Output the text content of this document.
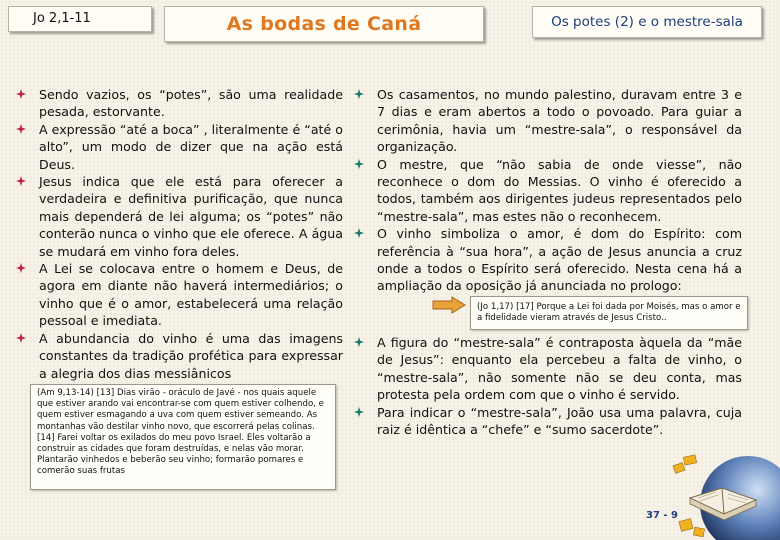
Jo 2,1-11	As bodas de Caná	Os potes (2) e o mestre-sala
Sendo vazios, os “potes”, são uma realidade pesada, estorvante.
A expressão “até a boca” , literalmente é “até o alto”, um modo de dizer que na ação está Deus.
Jesus indica que ele está para oferecer a verdadeira e definitiva purificação, que nunca mais dependerá de lei alguma; os “potes” não conterão nunca o vinho que ele oferece. A água se mudará em vinho fora deles.
A Lei se colocava entre o homem e Deus, de agora em diante não haverá intermediários; o vinho que é o amor, estabelecerá uma relação pessoal e imediata.
A abundancia do vinho é uma das imagens constantes da tradição profética para expressar a alegria dos dias messiânicos
(Am 9,13-14) [13] Dias virão - oráculo de Javé - nos quais aquele que estiver arando vai encontrar-se com quem estiver colhendo, e quem estiver esmagando a uva com quem estiver semeando. As montanhas vão destilar vinho novo, que escorrerá pelas colinas. [14] Farei voltar os exilados do meu povo Israel. Eles voltarão a construir as cidades que foram destruídas, e nelas vão morar. Plantarão vinhedos e beberão seu vinho; formarão pomares e comerão suas frutas
Os casamentos, no mundo palestino, duravam entre 3 e 7 dias e eram abertos a todo o povoado. Para guiar a cerimônia, havia um “mestre-sala”, o responsável da organização.
O mestre, que “não sabia de onde viesse”, não reconhece o dom do Messias. O vinho é oferecido a todos, também aos dirigentes judeus representados pelo “mestre-sala”, mas estes não o reconhecem.
O vinho simboliza o amor, é dom do Espírito: com referência à “sua hora”, a ação de Jesus anuncia a cruz onde a todos o Espírito será oferecido. Nesta cena há a ampliação da oposição já anunciada no prologo:
(Jo 1,17) [17] Porque a Lei foi dada por Moisés, mas o amor e a fidelidade vieram através de Jesus Cristo..
A figura do “mestre-sala” é contraposta àquela da “mãe de Jesus”: enquanto ela percebeu a falta de vinho, o “mestre-sala”, não somente não se deu conta, mas protesta pela ordem com que o vinho é servido.
Para indicar o “mestre-sala”, João usa uma palavra, cuja raiz é idêntica a “chefe” e “sumo sacerdote”.
37 - 9
